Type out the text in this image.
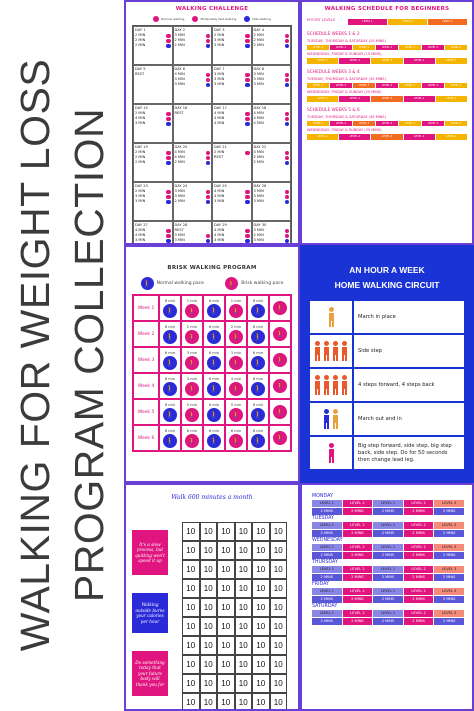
WALKING FOR WEIGHT LOSS PROGRAM COLLECTION
WALKING CHALLENGE
Normal walking	Moderately fast walking	Fast walking
DAY 1
2 MIN
2 MIN
2 MIN
DAY 2
3 MIN
2 MIN
2 MIN
DAY 3
2 MIN
3 MIN
3 MIN
DAY 4
2 MIN
2 MIN
2 MIN
DAY 5
REST
DAY 6
4 MIN
3 MIN
3 MIN
DAY 7
3 MIN
3 MIN
3 MIN
DAY 8
3 MIN
3 MIN
3 MIN
DAY 15
2 MIN
4 MIN
3 MIN
DAY 16
REST
DAY 17
4 MIN
4 MIN
4 MIN
DAY 18
4 MIN
4 MIN
4 MIN
DAY 19
2 MIN
2 MIN
2 MIN
DAY 20
4 MIN
4 MIN
2 MIN
DAY 21
2 MIN
REST
DAY 22
4 MIN
2 MIN
2 MIN
DAY 23
2 MIN
3 MIN
3 MIN
DAY 24
3 MIN
3 MIN
2 MIN
DAY 25
4 MIN
4 MIN
3 MIN
DAY 26
3 MIN
3 MIN
3 MIN
DAY 27
4 MIN
4 MIN
3 MIN
DAY 28
REST
3 MIN
3 MIN
DAY 29
4 MIN
4 MIN
3 MIN
DAY 30
3 MIN
2 MIN
3 MIN
WALKING SCHEDULE FOR BEGINNERS
EFFORT LEVELS	LEVEL 1	LEVEL 2	LEVEL 3
SCHEDULE WEEKS 1 & 2
TUESDAY, THURSDAY & SATURDAY (20 MINS)
LEVEL 1	LEVEL 2	LEVEL 1	LEVEL 2	LEVEL 1	LEVEL 2	LEVEL 1
WEDNESDAY, FRIDAY & SUNDAY (10 MINS)
LEVEL 1	LEVEL 2	LEVEL 1	LEVEL 2	LEVEL 1
SCHEDULE WEEKS 3 & 4
TUESDAY, THURSDAY & SATURDAY (30 MINS)
LEVEL 1	LEVEL 2	LEVEL 3	LEVEL 2	LEVEL 1	LEVEL 2	LEVEL 1
WEDNESDAY, FRIDAY & SUNDAY (20 MINS)
LEVEL 1	LEVEL 2	LEVEL 3	LEVEL 2	LEVEL 1
SCHEDULE WEEKS 5 & 6
TUESDAY, THURSDAY & SATURDAY (40 MINS)
LEVEL 1	LEVEL 2	LEVEL 3	LEVEL 2	LEVEL 1	LEVEL 2	LEVEL 1
WEDNESDAY, FRIDAY & SUNDAY (30 MINS)
LEVEL 1	LEVEL 2	LEVEL 3	LEVEL 2	LEVEL 1
BRISK WALKING PROGRAM
🚶
Normal walking pace
🚶	Brisk walking pace
Week 1
6 min
🚶	1 min
🚶	6 min
🚶	1 min
🚶	6 min
🚶
🚶
Week 2
6 min
🚶	2 min
🚶	6 min
🚶	2 min
🚶	6 min
🚶
🚶
Week 3
6 min
🚶	3 min
🚶	6 min
🚶	3 min
🚶	6 min
🚶
🚶
Week 4
6 min
🚶	4 min
🚶	6 min
🚶	4 min
🚶	6 min
🚶
🚶
Week 5
6 min
🚶	5 min
🚶	6 min
🚶	5 min
🚶	6 min
🚶
🚶
Week 6
6 min
🚶	6 min
🚶	6 min
🚶	6 min
🚶	6 min
🚶
🚶
AN HOUR A WEEK
HOME WALKING CIRCUIT
March in place
Side step
4 steps forward, 4 steps back
March out and in
Big step forward, side step, big step back, side step. Do for 50 seconds then change lead leg.
Walk 600 minutes a month
It's a slow process, but quitting won't speed it up
Walking outside burns your calories per hour
Do something today that your future body will thank you for
10	10	10	10	10	10
10	10	10	10	10	10
10	10	10	10	10	10
10	10	10	10	10	10
10	10	10	10	10	10
10	10	10	10	10	10
10	10	10	10	10	10
10	10	10	10	10	10
10	10	10	10	10	10
10	10	10	10	10	10
MONDAY
LEVEL 1	LEVEL 2	LEVEL 1	LEVEL 2	LEVEL 3
2 MINS	2 MINS	2 MINS	2 MINS	2 MINS
TUESDAY
LEVEL 1	LEVEL 2	LEVEL 1	LEVEL 2	LEVEL 3
2 MINS	2 MINS	2 MINS	2 MINS	2 MINS
WEDNESDAY
LEVEL 1	LEVEL 2	LEVEL 1	LEVEL 2	LEVEL 3
2 MINS	2 MINS	2 MINS	2 MINS	2 MINS
THURSDAY
LEVEL 1	LEVEL 2	LEVEL 1	LEVEL 2	LEVEL 3
2 MINS	2 MINS	2 MINS	2 MINS	2 MINS
FRIDAY
LEVEL 1	LEVEL 2	LEVEL 1	LEVEL 2	LEVEL 3
2 MINS	2 MINS	2 MINS	2 MINS	2 MINS
SATURDAY
LEVEL 1	LEVEL 2	LEVEL 1	LEVEL 2	LEVEL 3
2 MINS	2 MINS	2 MINS	2 MINS	2 MINS
